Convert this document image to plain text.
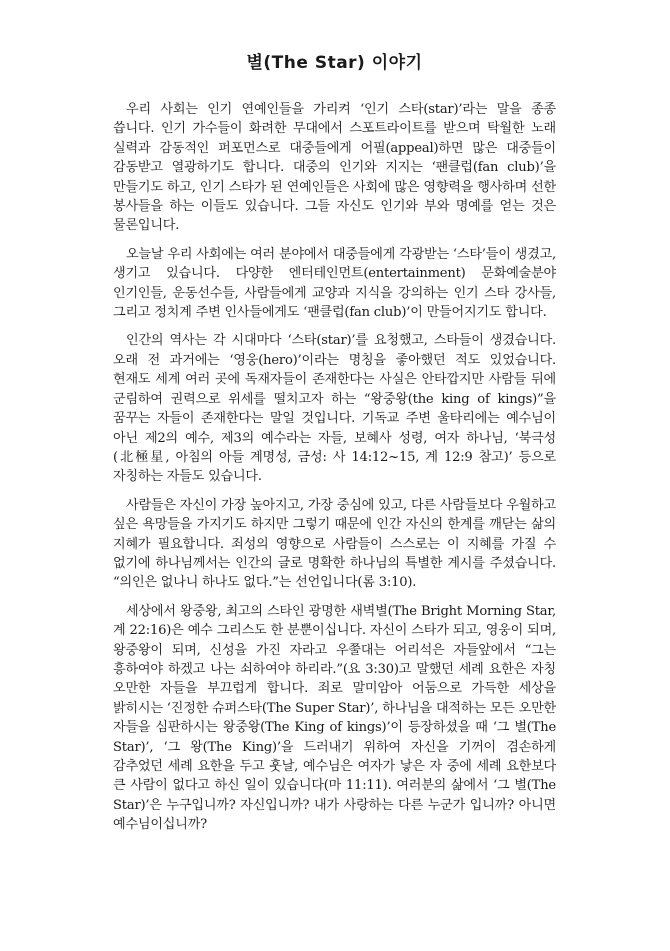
별(The Star) 이야기

우리 사회는 인기 연예인들을 가리켜 ‘인기 스타(star)’라는 말을 종종 씁니다. 인기 가수들이 화려한 무대에서 스포트라이트를 받으며 탁월한 노래 실력과 감동적인 퍼포먼스로 대중들에게 어필(appeal)하면 많은 대중들이 감동받고 열광하기도 합니다. 대중의 인기와 지지는 ‘팬클럽(fan club)’을 만들기도 하고, 인기 스타가 된 연예인들은 사회에 많은 영향력을 행사하며 선한 봉사들을 하는 이들도 있습니다. 그들 자신도 인기와 부와 명예를 얻는 것은 물론입니다.

오늘날 우리 사회에는 여러 분야에서 대중들에게 각광받는 ‘스타’들이 생겼고, 생기고 있습니다. 다양한 엔터테인먼트(entertainment) 문화예술분야 인기인들, 운동선수들, 사람들에게 교양과 지식을 강의하는 인기 스타 강사들, 그리고 정치계 주변 인사들에게도 ‘팬클럽(fan club)’이 만들어지기도 합니다.

인간의 역사는 각 시대마다 ‘스타(star)’를 요청했고, 스타들이 생겼습니다. 오래 전 과거에는 ‘영웅(hero)’이라는 명칭을 좋아했던 적도 있었습니다. 현재도 세계 여러 곳에 독재자들이 존재한다는 사실은 안타깝지만 사람들 뒤에 군림하여 권력으로 위세를 떨치고자 하는 “왕중왕(the king of kings)”을 꿈꾸는 자들이 존재한다는 말일 것입니다. 기독교 주변 울타리에는 예수님이 아닌 제2의 예수, 제3의 예수라는 자들, 보혜사 성령, 여자 하나님, ‘북극성(北極星, 아침의 아들 계명성, 금성: 사 14:12~15, 계 12:9 참고)’ 등으로 자칭하는 자들도 있습니다.

사람들은 자신이 가장 높아지고, 가장 중심에 있고, 다른 사람들보다 우월하고 싶은 욕망들을 가지기도 하지만 그렇기 때문에 인간 자신의 한계를 깨닫는 삶의 지혜가 필요합니다. 죄성의 영향으로 사람들이 스스로는 이 지혜를 가질 수 없기에 하나님께서는 인간의 글로 명확한 하나님의 특별한 계시를 주셨습니다. “의인은 없나니 하나도 없다.”는 선언입니다(롬 3:10).

세상에서 왕중왕, 최고의 스타인 광명한 새벽별(The Bright Morning Star, 계 22:16)은 예수 그리스도 한 분뿐이십니다. 자신이 스타가 되고, 영웅이 되며, 왕중왕이 되며, 신성을 가진 자라고 우쭐대는 어리석은 자들앞에서 “그는 흥하여야 하겠고 나는 쇠하여야 하리라.”(요 3:30)고 말했던 세례 요한은 자칭 오만한 자들을 부끄럽게 합니다. 죄로 말미암아 어둠으로 가득한 세상을 밝히시는 ‘진정한 슈퍼스타(The Super Star)’, 하나님을 대적하는 모든 오만한 자들을 심판하시는 왕중왕(The King of kings)’이 등장하셨을 때 ‘그 별(The Star)’, ‘그 왕(The King)’을 드러내기 위하여 자신을 기꺼이 겸손하게 감추었던 세례 요한을 두고 훗날, 예수님은 여자가 낳은 자 중에 세례 요한보다 큰 사람이 없다고 하신 일이 있습니다(마 11:11). 여러분의 삶에서 ‘그 별(The Star)’은 누구입니까? 자신입니까? 내가 사랑하는 다른 누군가 입니까? 아니면 예수님이십니까?
